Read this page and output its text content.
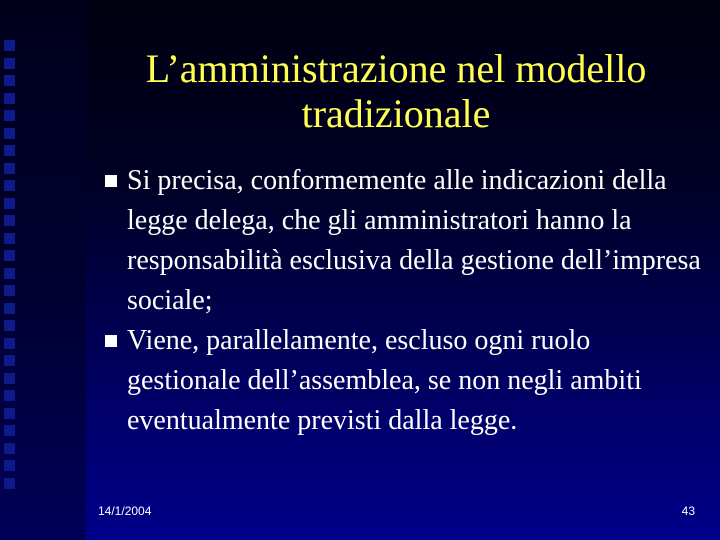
L’amministrazione nel modello tradizionale
Si precisa, conformemente alle indicazioni della legge delega, che gli amministratori hanno la responsabilità esclusiva della gestione dell’impresa sociale;
Viene, parallelamente, escluso ogni ruolo gestionale dell’assemblea, se non negli ambiti eventualmente previsti dalla legge.
14/1/2004	43
